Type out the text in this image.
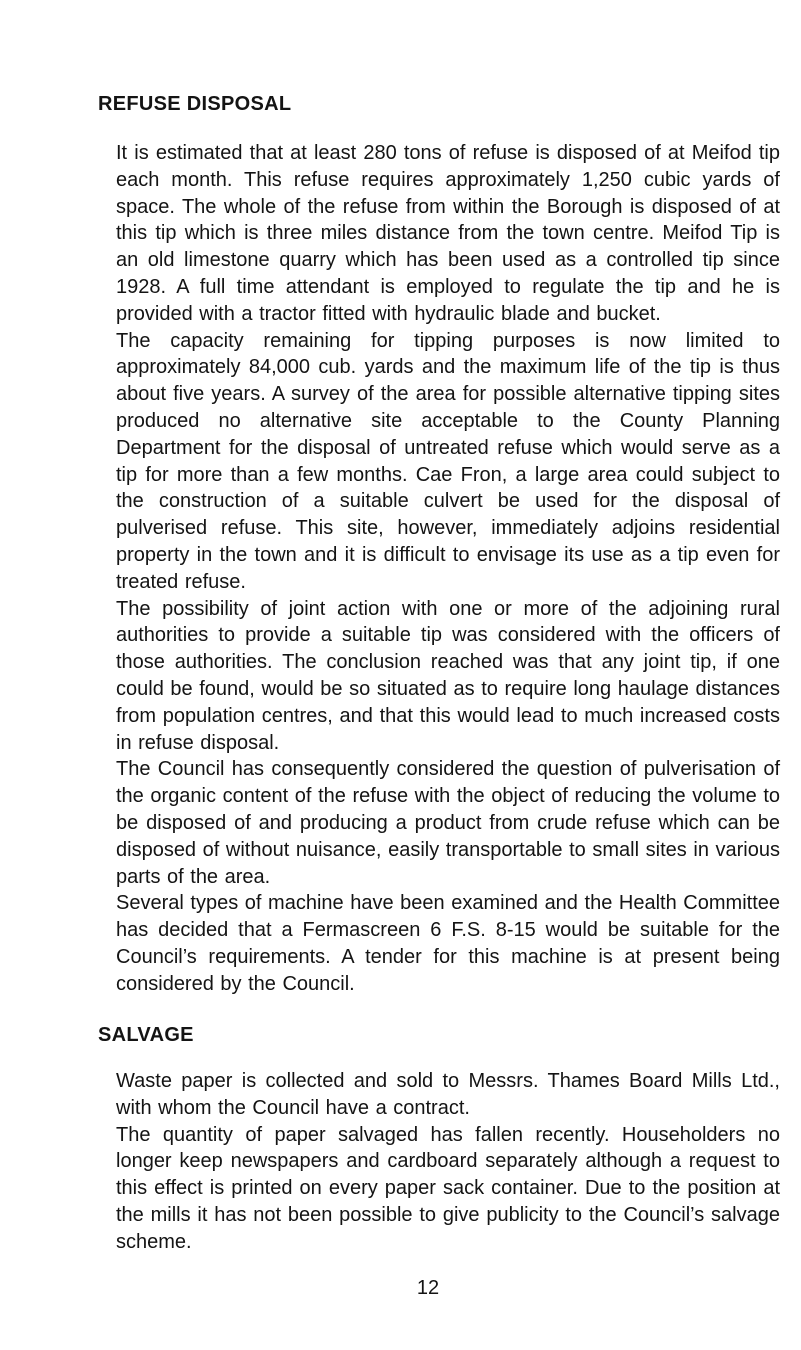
REFUSE DISPOSAL

It is estimated that at least 280 tons of refuse is disposed of at Meifod tip each month. This refuse requires approximately 1,250 cubic yards of space. The whole of the refuse from within the Borough is disposed of at this tip which is three miles distance from the town centre. Meifod Tip is an old limestone quarry which has been used as a controlled tip since 1928. A full time attendant is employed to regulate the tip and he is provided with a tractor fitted with hydraulic blade and bucket.

The capacity remaining for tipping purposes is now limited to approximately 84,000 cub. yards and the maximum life of the tip is thus about five years. A survey of the area for possible alternative tipping sites produced no alternative site acceptable to the County Planning Department for the disposal of untreated refuse which would serve as a tip for more than a few months. Cae Fron, a large area could subject to the construction of a suitable culvert be used for the disposal of pulverised refuse. This site, however, immediately adjoins residential property in the town and it is difficult to envisage its use as a tip even for treated refuse.

The possibility of joint action with one or more of the adjoining rural authorities to provide a suitable tip was considered with the officers of those authorities. The conclusion reached was that any joint tip, if one could be found, would be so situated as to require long haulage distances from population centres, and that this would lead to much increased costs in refuse disposal.

The Council has consequently considered the question of pulverisation of the organic content of the refuse with the object of reducing the volume to be disposed of and producing a product from crude refuse which can be disposed of without nuisance, easily transportable to small sites in various parts of the area.

Several types of machine have been examined and the Health Committee has decided that a Fermascreen 6 F.S. 8-15 would be suitable for the Council’s requirements. A tender for this machine is at present being considered by the Council.

SALVAGE

Waste paper is collected and sold to Messrs. Thames Board Mills Ltd., with whom the Council have a contract.

The quantity of paper salvaged has fallen recently. Householders no longer keep newspapers and cardboard separately although a request to this effect is printed on every paper sack container. Due to the position at the mills it has not been possible to give publicity to the Council’s salvage scheme.

12
